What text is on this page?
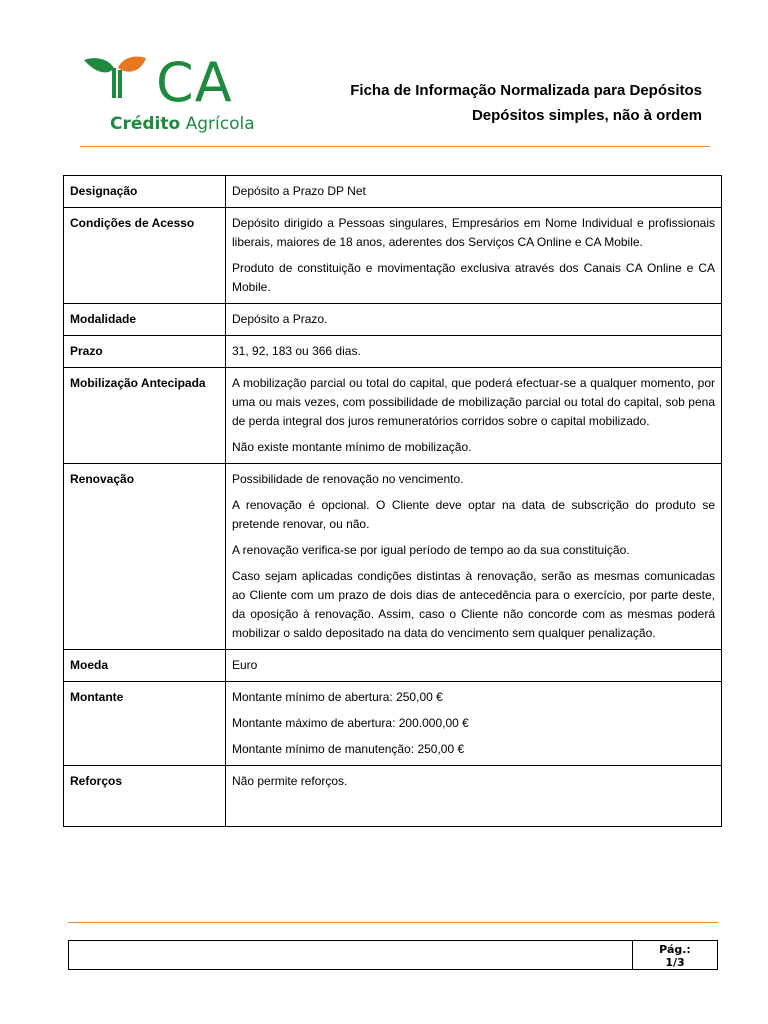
CA
Crédito Agrícola
Ficha de Informação Normalizada para Depósitos
Depósitos simples, não à ordem
Designação	Depósito a Prazo DP Net

Condições de Acesso	Depósito dirigido a Pessoas singulares, Empresários em Nome Individual e profissionais liberais, maiores de 18 anos, aderentes dos Serviços CA Online e CA Mobile.

Produto de constituição e movimentação exclusiva através dos Canais CA Online e CA Mobile.

Modalidade	Depósito a Prazo.

Prazo	31, 92, 183 ou 366 dias.

Mobilização Antecipada	A mobilização parcial ou total do capital, que poderá efectuar-se a qualquer momento, por uma ou mais vezes, com possibilidade de mobilização parcial ou total do capital, sob pena de perda integral dos juros remuneratórios corridos sobre o capital mobilizado.

Não existe montante mínimo de mobilização.

Renovação	Possibilidade de renovação no vencimento.

A renovação é opcional. O Cliente deve optar na data de subscrição do produto se pretende renovar, ou não.

A renovação verifica-se por igual período de tempo ao da sua constituição.

Caso sejam aplicadas condições distintas à renovação, serão as mesmas comunicadas ao Cliente com um prazo de dois dias de antecedência para o exercício, por parte deste, da oposição à renovação. Assim, caso o Cliente não concorde com as mesmas poderá mobilizar o saldo depositado na data do vencimento sem qualquer penalização.

Moeda	Euro

Montante	Montante mínimo de abertura: 250,00 €

Montante máximo de abertura: 200.000,00 €

Montante mínimo de manutenção: 250,00 €

Reforços	Não permite reforços.

Pág.:
1/3
